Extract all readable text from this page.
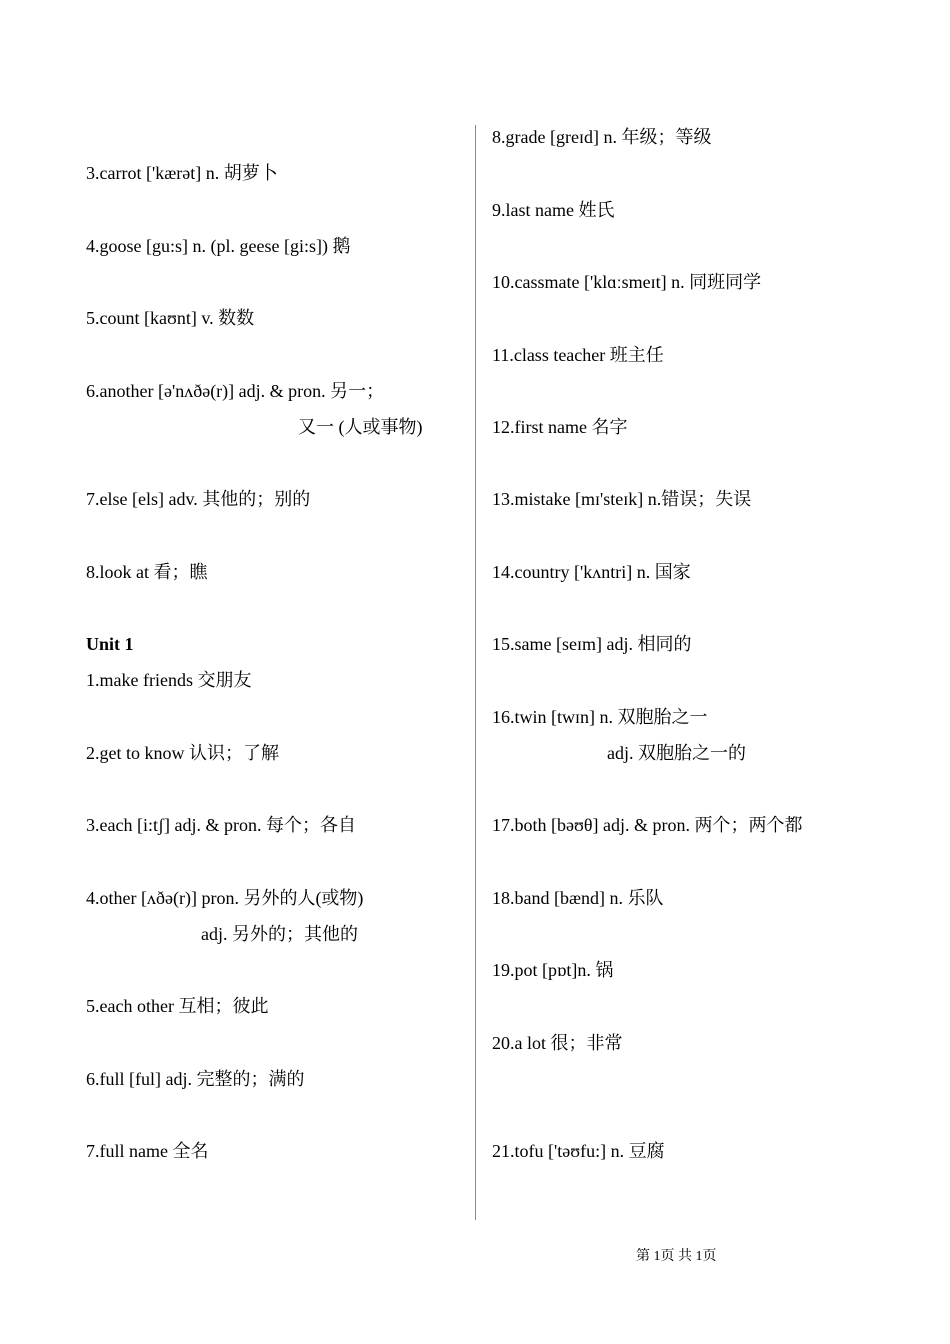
3.carrot ['kærət] n. 胡萝卜
4.goose [gu:s] n. (pl. geese [gi:s]) 鹅
5.count [kaʊnt] v. 数数
6.another [ə'nʌðə(r)] adj. & pron. 另一；
又一 (人或事物)
7.else [els] adv. 其他的；别的
8.look at 看；瞧
Unit 1
1.make friends 交朋友
2.get to know 认识；了解
3.each [i:tʃ] adj. & pron. 每个；各自
4.other [ʌðə(r)] pron. 另外的人(或物)
adj. 另外的；其他的
5.each other 互相；彼此
6.full [ful] adj. 完整的；满的
7.full name 全名
8.grade [greɪd] n. 年级；等级
9.last name 姓氏
10.cassmate ['klɑːsmeɪt] n. 同班同学
11.class teacher 班主任
12.first name 名字
13.mistake [mɪ'steɪk] n.错误；失误
14.country ['kʌntri] n. 国家
15.same [seɪm] adj. 相同的
16.twin [twɪn] n. 双胞胎之一
adj. 双胞胎之一的
17.both [bəʊθ] adj. & pron. 两个；两个都
18.band [bænd] n. 乐队
19.pot [pɒt]n. 锅
20.a lot 很；非常
21.tofu ['təʊfu:] n. 豆腐
第 1页 共 1页
